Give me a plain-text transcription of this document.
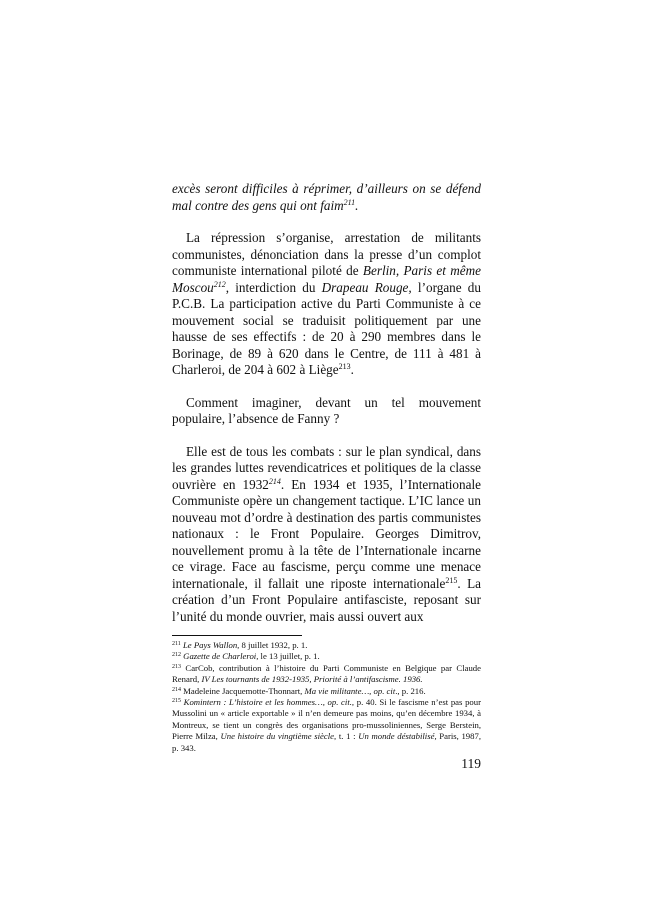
excès seront difficiles à réprimer, d’ailleurs on se défend mal contre des gens qui ont faim$^{211}$.

La répression s’organise, arrestation de militants communistes, dénonciation dans la presse d’un complot communiste international piloté de Berlin, Paris et même Moscou$^{212}$, interdiction du Drapeau Rouge, l’organe du P.C.B. La participation active du Parti Communiste à ce mouvement social se traduisit politiquement par une hausse de ses effectifs : de 20 à 290 membres dans le Borinage, de 89 à 620 dans le Centre, de 111 à 481 à Charleroi, de 204 à 602 à Liège$^{213}$.

Comment imaginer, devant un tel mouvement populaire, l’absence de Fanny ?

Elle est de tous les combats : sur le plan syndical, dans les grandes luttes revendicatrices et politiques de la classe ouvrière en 1932$^{214}$. En 1934 et 1935, l’Internationale Communiste opère un changement tactique. L’IC lance un nouveau mot d’ordre à destination des partis communistes nationaux : le Front Populaire. Georges Dimitrov, nouvellement promu à la tête de l’Internationale incarne ce virage. Face au fascisme, perçu comme une menace internationale, il fallait une riposte internationale$^{215}$. La création d’un Front Populaire antifasciste, reposant sur l’unité du monde ouvrier, mais aussi ouvert aux

$^{211}$ Le Pays Wallon, 8 juillet 1932, p. 1.

$^{212}$ Gazette de Charleroi, le 13 juillet, p. 1.

$^{213}$ CarCob, contribution à l’histoire du Parti Communiste en Belgique par Claude Renard, IV Les tournants de 1932-1935, Priorité à l’antifascisme. 1936.

$^{214}$ Madeleine Jacquemotte-Thonnart, Ma vie militante…, op. cit., p. 216.

$^{215}$ Komintern : L’histoire et les hommes…, op. cit., p. 40. Si le fascisme n’est pas pour Mussolini un « article exportable » il n’en demeure pas moins, qu’en décembre 1934, à Montreux, se tient un congrès des organisations pro-mussoliniennes, Serge Berstein, Pierre Milza, Une histoire du vingtième siècle, t. 1 : Un monde déstabilisé, Paris, 1987, p. 343.

119
